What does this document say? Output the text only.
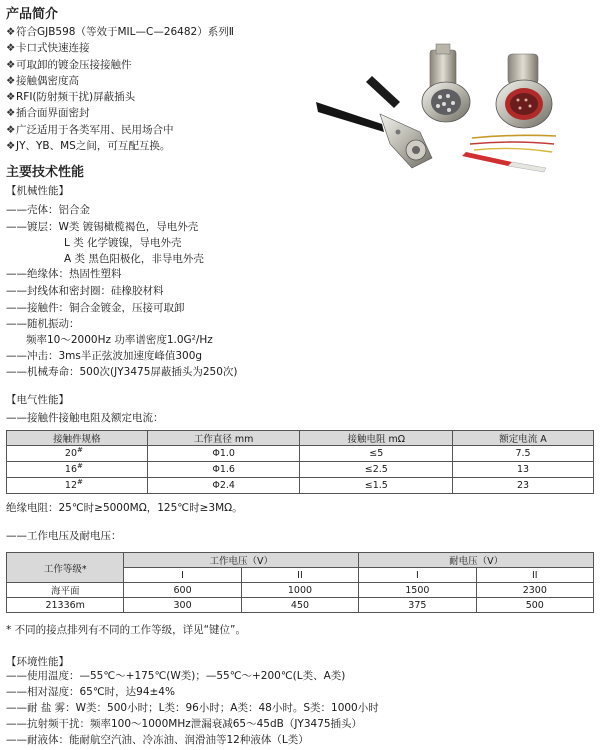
产品简介
❖符合GJB598（等效于MIL—C—26482）系列Ⅱ
❖卡口式快速连接
❖可取卸的镀金压接接触件
❖接触偶密度高
❖RFI(防射频干扰)屏蔽插头
❖插合面界面密封
❖广泛适用于各类军用、民用场合中
❖JY、YB、MS之间，可互配互换。
主要技术性能
【机械性能】
——壳体：铝合金
——镀层：W类 镀锡橄榄褐色，导电外壳
L 类 化学镀镍，导电外壳
A 类 黑色阳极化，非导电外壳
——绝缘体：热固性塑料
——封线体和密封圈：硅橡胶材料
——接触件：铜合金镀金，压接可取卸
——随机振动：
频率10～2000Hz 功率谱密度1.0G²/Hz
——冲击：3ms半正弦波加速度峰值300g
——机械寿命：500次(JY3475屏蔽插头为250次)
【电气性能】
——接触件接触电阻及额定电流：
接触件规格	工作直径 mm	接触电阻 mΩ	额定电流 A
20#	Φ1.0	≤5	7.5
16#	Φ1.6	≤2.5	13
12#	Φ2.4	≤1.5	23
绝缘电阻：25℃时≥5000MΩ，125℃时≥3MΩ。
——工作电压及耐电压：
工作等级*	工作电压（V）		耐电压（V）	
	I	II	I	II
海平面	600	1000	1500	2300
21336m	300	450	375	500
* 不同的接点排列有不同的工作等级，详见“键位”。
【环境性能】
——使用温度：—55℃～+175℃(W类)；—55℃～+200℃(L类、A类)
——相对湿度：65℃时，达94±4%
——耐 盐 雾：W类：500小时；L类：96小时；A类：48小时。S类：1000小时
——抗射频干扰：频率100～1000MHz泄漏衰减65～45dB（JY3475插头）
——耐液体：能耐航空汽油、冷冻油、润滑油等12种液体（L类）
